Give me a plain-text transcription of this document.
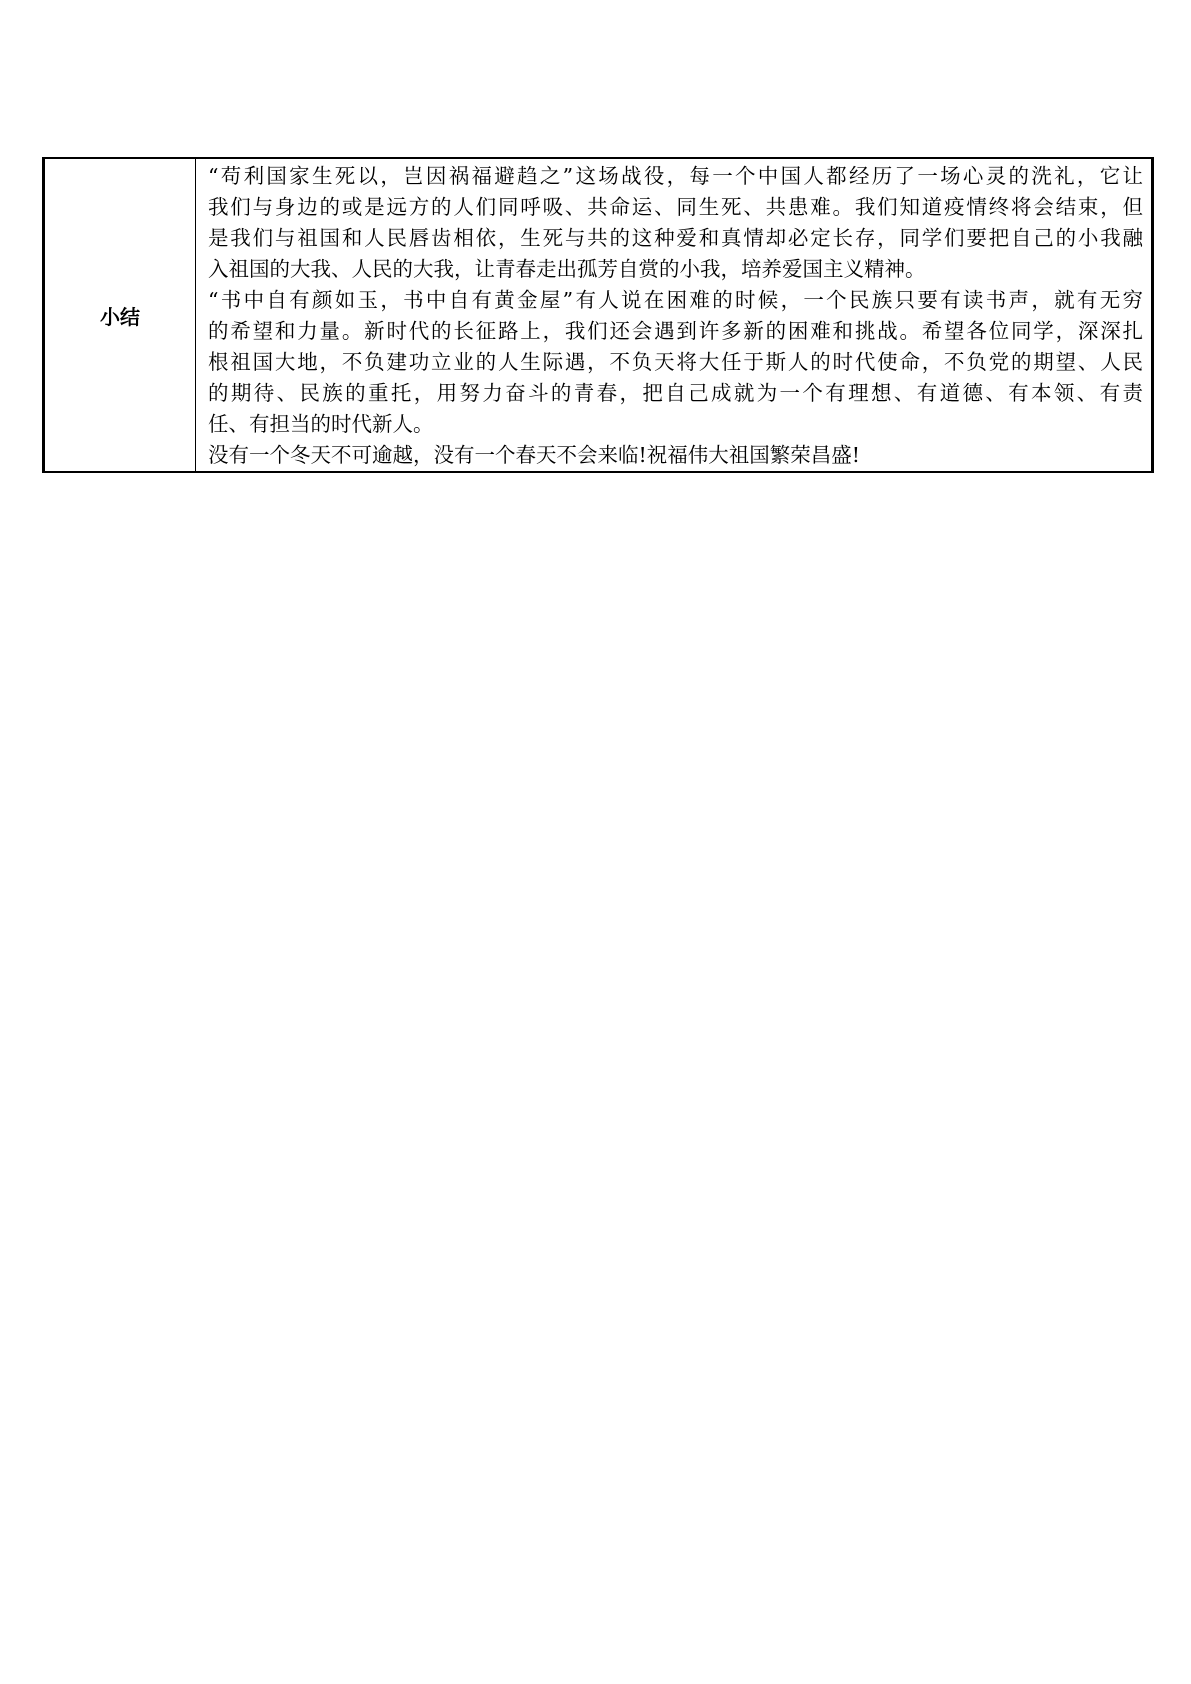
小结	

“苟利国家生死以，岂因祸福避趋之”这场战役，每一个中国人都经历了一场心灵的洗礼，它让
我们与身边的或是远方的人们同呼吸、共命运、同生死、共患难。我们知道疫情终将会结束，但
是我们与祖国和人民唇齿相依，生死与共的这种爱和真情却必定长存，同学们要把自己的小我融
入祖国的大我、人民的大我，让青春走出孤芳自赏的小我，培养爱国主义精神。

“书中自有颜如玉，书中自有黄金屋”有人说在困难的时候，一个民族只要有读书声，就有无穷
的希望和力量。新时代的长征路上，我们还会遇到许多新的困难和挑战。希望各位同学，深深扎
根祖国大地，不负建功立业的人生际遇，不负天将大任于斯人的时代使命，不负党的期望、人民
的期待、民族的重托，用努力奋斗的青春，把自己成就为一个有理想、有道德、有本领、有责
任、有担当的时代新人。

没有一个冬天不可逾越，没有一个春天不会来临!祝福伟大祖国繁荣昌盛!
